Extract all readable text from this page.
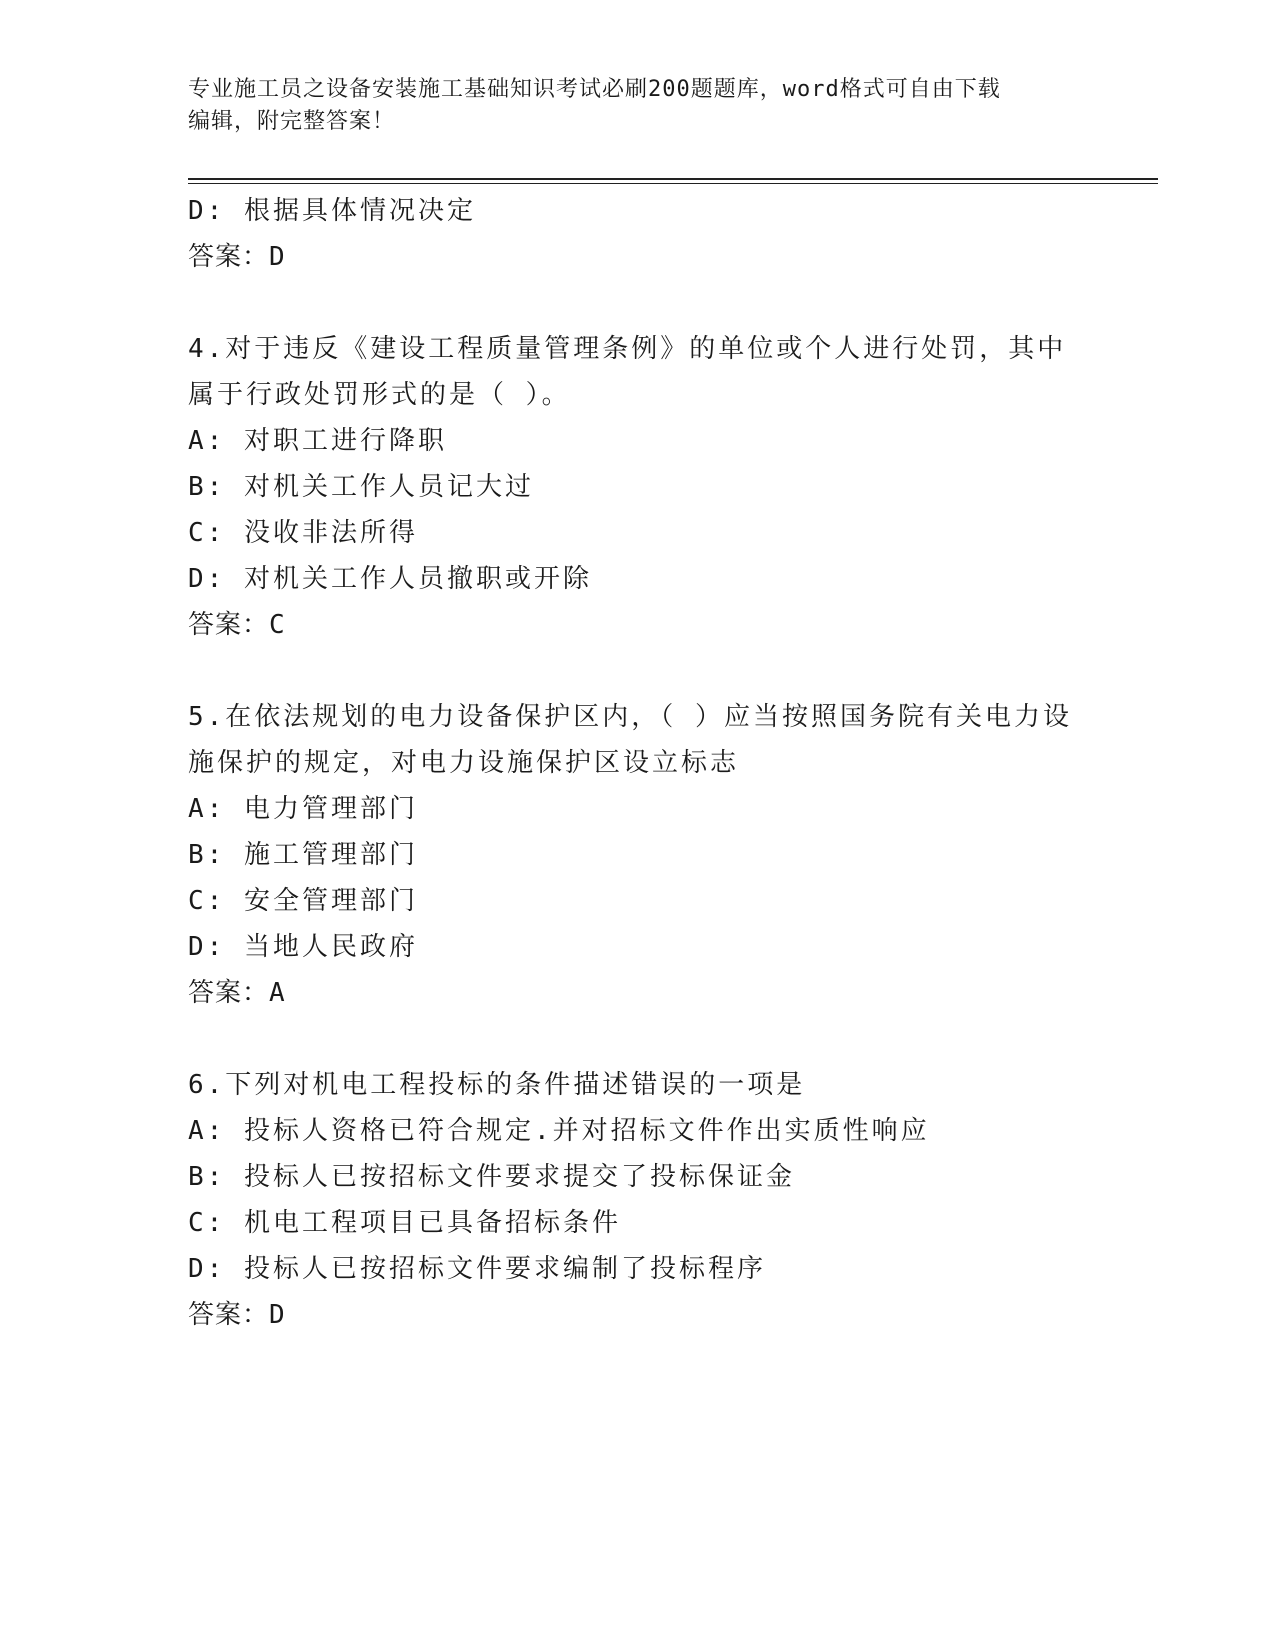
专业施工员之设备安装施工基础知识考试必刷200题题库，word格式可自由下载
编辑，附完整答案！
D: 根据具体情况决定
答案：D
4.对于违反《建设工程质量管理条例》的单位或个人进行处罚，其中
属于行政处罚形式的是（ ）。
A: 对职工进行降职
B: 对机关工作人员记大过
C: 没收非法所得
D: 对机关工作人员撤职或开除
答案：C
5.在依法规划的电力设备保护区内，（ ）应当按照国务院有关电力设
施保护的规定，对电力设施保护区设立标志
A: 电力管理部门
B: 施工管理部门
C: 安全管理部门
D: 当地人民政府
答案：A
6.下列对机电工程投标的条件描述错误的一项是
A: 投标人资格已符合规定.并对招标文件作出实质性响应
B: 投标人已按招标文件要求提交了投标保证金
C: 机电工程项目已具备招标条件
D: 投标人已按招标文件要求编制了投标程序
答案：D
